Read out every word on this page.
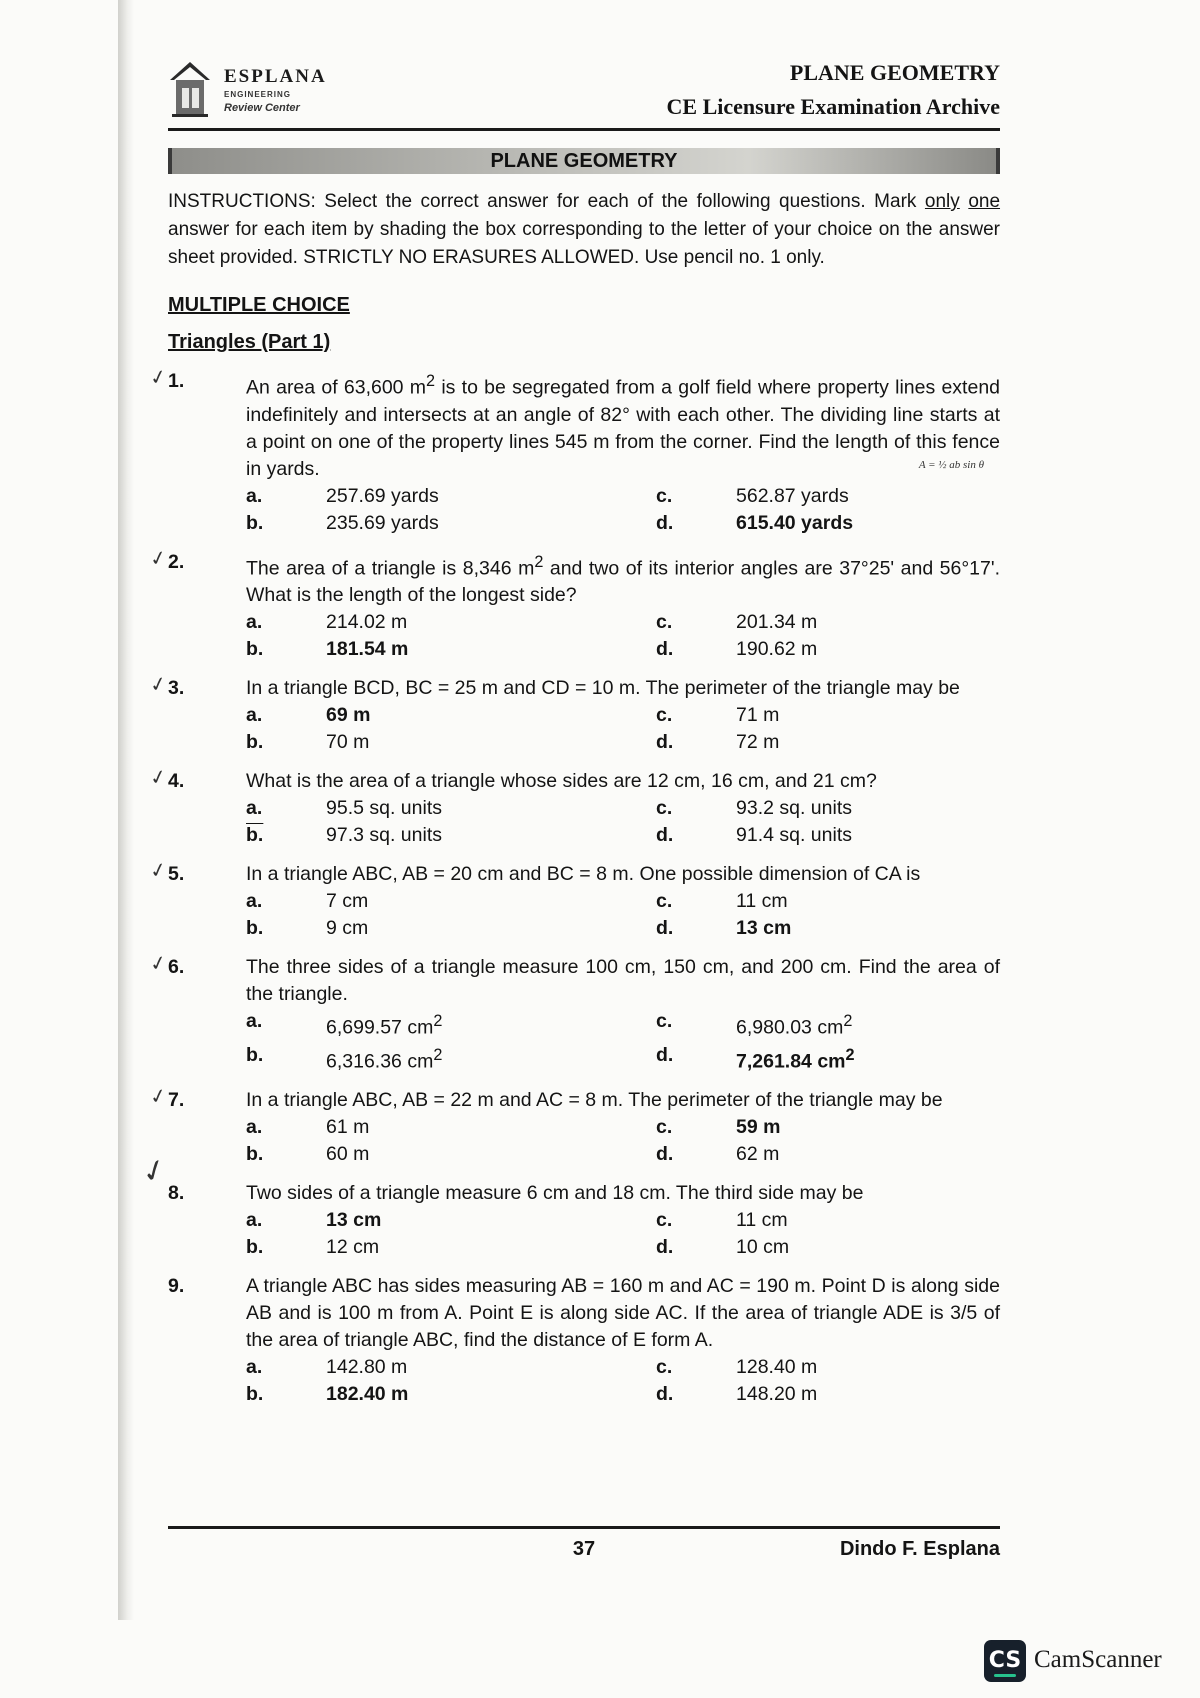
ESPLANA
ENGINEERING
Review Center
PLANE GEOMETRY
CE Licensure Examination Archive
PLANE GEOMETRY
INSTRUCTIONS: Select the correct answer for each of the following questions. Mark only one answer for each item by shading the box corresponding to the letter of your choice on the answer sheet provided. STRICTLY NO ERASURES ALLOWED. Use pencil no. 1 only.
MULTIPLE CHOICE
Triangles (Part 1)
✓ 1.	An area of 63,600 $m^2$ is to be segregated from a golf field where property lines extend indefinitely and intersects at an angle of 82° with each other. The dividing line starts at a point on one of the property lines 545 m from the corner. Find the length of this fence in yards.	A = ½ ab sin θ
a.	257.69 yards	c.	562.87 yards
b.	235.69 yards	d.	615.40 yards
✓ 2.	The area of a triangle is 8,346 $m^2$ and two of its interior angles are 37°25' and 56°17'. What is the length of the longest side?
a.	214.02 m	c.	201.34 m
b.	181.54 m	d.	190.62 m
✓ 3.	In a triangle BCD, BC = 25 m and CD = 10 m. The perimeter of the triangle may be
a.	69 m	c.	71 m
b.	70 m	d.	72 m
✓ 4.	What is the area of a triangle whose sides are 12 cm, 16 cm, and 21 cm?
a.	95.5 sq. units	c.	93.2 sq. units
b.	97.3 sq. units	d.	91.4 sq. units
✓ 5.	In a triangle ABC, AB = 20 cm and BC = 8 m. One possible dimension of CA is
a.	7 cm	c.	11 cm
b.	9 cm	d.	13 cm
✓ 6.	The three sides of a triangle measure 100 cm, 150 cm, and 200 cm. Find the area of the triangle.
a.	6,699.57 $cm^2$	c.	6,980.03 $cm^2$
b.	6,316.36 $cm^2$	d.	7,261.84 $cm^2$
✓ 7.	In a triangle ABC, AB = 22 m and AC = 8 m. The perimeter of the triangle may be
a.	61 m	c.	59 m
b.	60 m	d.	62 m
✓
8.	Two sides of a triangle measure 6 cm and 18 cm. The third side may be
a.	13 cm	c.	11 cm
b.	12 cm	d.	10 cm
9.	A triangle ABC has sides measuring AB = 160 m and AC = 190 m. Point D is along side AB and is 100 m from A. Point E is along side AC. If the area of triangle ADE is 3/5 of the area of triangle ABC, find the distance of E form A.
a.	142.80 m	c.	128.40 m
b.	182.40 m	d.	148.20 m
37	Dindo F. Esplana
CS CamScanner
